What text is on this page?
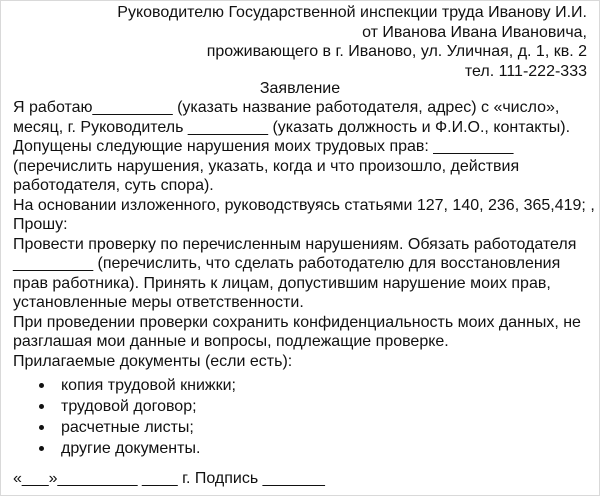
Руководителю Государственной инспекции труда Иванову И.И.
от Иванова Ивана Ивановича,
проживающего в г. Иваново, ул. Уличная, д. 1, кв. 2
тел. 111-222-333
Заявление

Я работаю_________ (указать название работодателя, адрес) с «число»,

месяц, г. Руководитель _________ (указать должность и Ф.И.О., контакты).

Допущены следующие нарушения моих трудовых прав: _________

(перечислить нарушения, указать, когда и что произошло, действия

работодателя, суть спора).

На основании изложенного, руководствуясь статьями 127, 140, 236, 365,419; ,

Прошу:

Провести проверку по перечисленным нарушениям. Обязать работодателя

_________ (перечислить, что сделать работодателю для восстановления

прав работника). Принять к лицам, допустившим нарушение моих прав,

установленные меры ответственности.

При проведении проверки сохранить конфиденциальность моих данных, не

разглашая мои данные и вопросы, подлежащие проверке.

Прилагаемые документы (если есть):

копия трудовой книжки;
трудовой договор;
расчетные листы;
другие документы.
«___»_________ ____ г. Подпись _______
